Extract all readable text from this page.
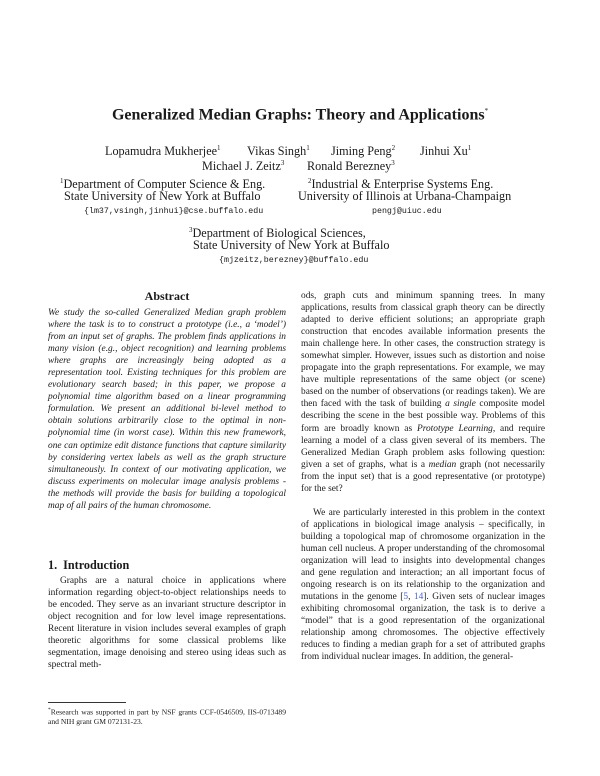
Generalized Median Graphs: Theory and Applications*
Lopamudra Mukherjee$^1$ Vikas Singh$^1$ Jiming Peng$^2$ Jinhui Xu$^1$
Michael J. Zeitz$^3$ Ronald Berezney$^3$
$^1$Department of Computer Science & Eng.
State University of New York at Buffalo
{lm37,vsingh,jinhui}@cse.buffalo.edu
$^2$Industrial & Enterprise Systems Eng.
University of Illinois at Urbana-Champaign
pengj@uiuc.edu
$^3$Department of Biological Sciences,
State University of New York at Buffalo
{mjzeitz,berezney}@buffalo.edu
Abstract
We study the so-called Generalized Median graph problem where the task is to to construct a prototype (i.e., a ‘model’) from an input set of graphs. The problem finds applications in many vision (e.g., object recognition) and learning problems where graphs are increasingly being adopted as a representation tool. Existing techniques for this problem are evolutionary search based; in this paper, we propose a polynomial time algorithm based on a linear programming formulation. We present an additional bi-level method to obtain solutions arbitrarily close to the optimal in non-polynomial time (in worst case). Within this new framework, one can optimize edit distance functions that capture similarity by considering vertex labels as well as the graph structure simultaneously. In context of our motivating application, we discuss experiments on molecular image analysis problems - the methods will provide the basis for building a topological map of all pairs of the human chromosome.
1. Introduction
Graphs are a natural choice in applications where information regarding object-to-object relationships needs to be encoded. They serve as an invariant structure descriptor in object recognition and for low level image representations. Recent literature in vision includes several examples of graph theoretic algorithms for some classical problems like segmentation, image denoising and stereo using ideas such as spectral meth-
*Research was supported in part by NSF grants CCF-0546509, IIS-0713489 and NIH grant GM 072131-23.

ods, graph cuts and minimum spanning trees. In many applications, results from classical graph theory can be directly adapted to derive efficient solutions; an appropriate graph construction that encodes available information presents the main challenge here. In other cases, the construction strategy is somewhat simpler. However, issues such as distortion and noise propagate into the graph representations. For example, we may have multiple representations of the same object (or scene) based on the number of observations (or readings taken). We are then faced with the task of building a single composite model describing the scene in the best possible way. Problems of this form are broadly known as Prototype Learning, and require learning a model of a class given several of its members. The Generalized Median Graph problem asks following question: given a set of graphs, what is a median graph (not necessarily from the input set) that is a good representative (or prototype) for the set?

We are particularly interested in this problem in the context of applications in biological image analysis – specifically, in building a topological map of chromosome organization in the human cell nucleus. A proper understanding of the chromosomal organization will lead to insights into developmental changes and gene regulation and interaction; an all important focus of ongoing research is on its relationship to the organization and mutations in the genome [5, 14]. Given sets of nuclear images exhibiting chromosomal organization, the task is to derive a “model” that is a good representation of the organizational relationship among chromosomes. The objective effectively reduces to finding a median graph for a set of attributed graphs from individual nuclear images. In addition, the general-
